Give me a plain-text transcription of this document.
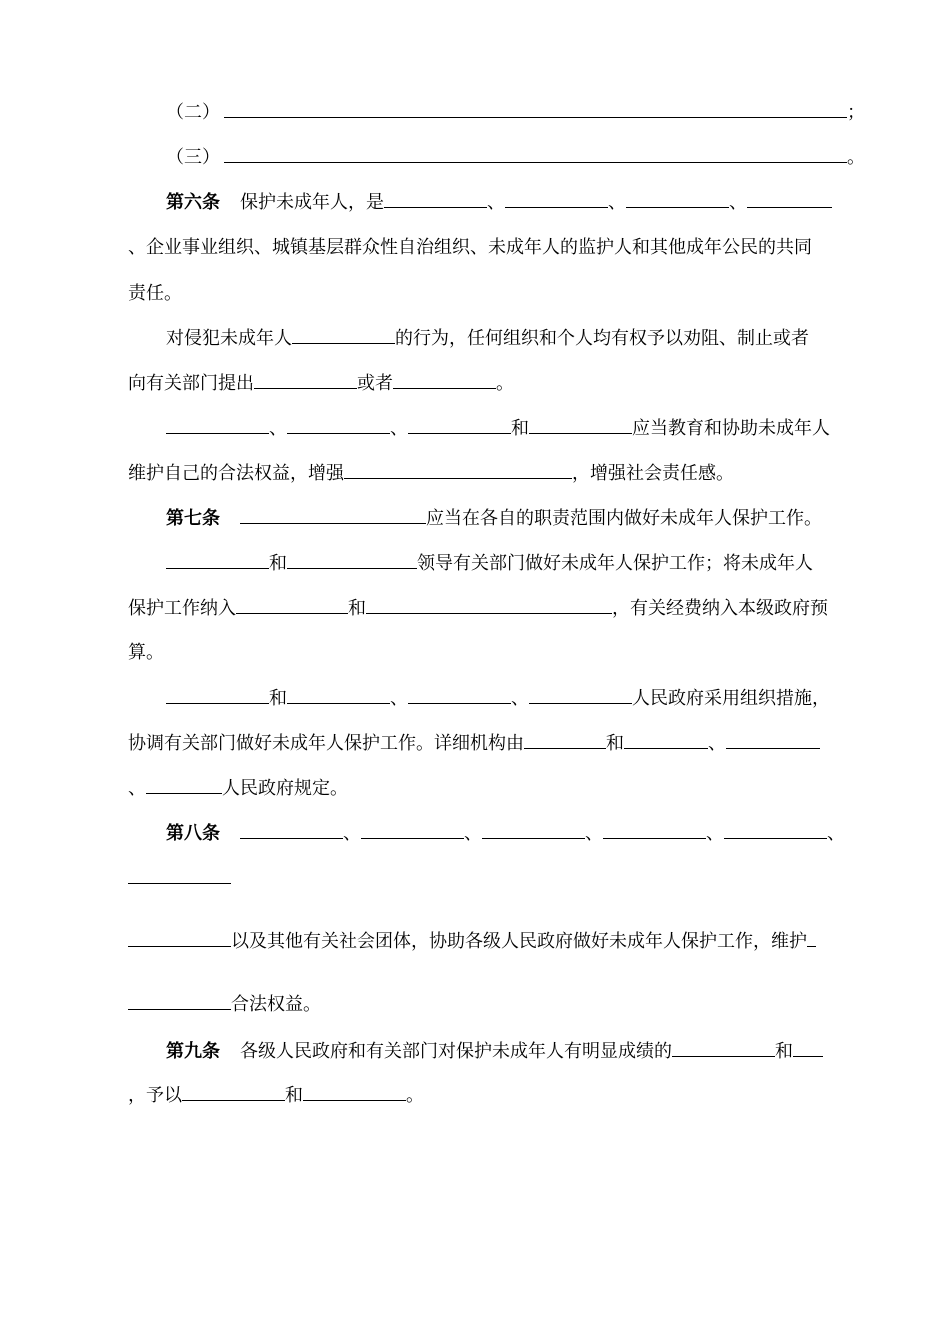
（二）	；
（三）	。
第六条 保护未成年人，是	、	、	、
、企业事业组织、城镇基层群众性自治组织、未成年人的监护人和其他成年公民的共同
责任。
对侵犯未成年人	的行为，任何组织和个人均有权予以劝阻、制止或者
向有关部门提出	或者	。
、	、	和	应当教育和协助未成年人
维护自己的合法权益，增强	，增强社会责任感。
第七条	应当在各自的职责范围内做好未成年人保护工作。
和	领导有关部门做好未成年人保护工作；将未成年人
保护工作纳入	和	，有关经费纳入本级政府预
算。
和	、	、	人民政府采用组织措施，
协调有关部门做好未成年人保护工作。详细机构由	和	、
、	人民政府规定。
第八条	、	、	、	、	、
以及其他有关社会团体，协助各级人民政府做好未成年人保护工作，维护
合法权益。
第九条 各级人民政府和有关部门对保护未成年人有明显成绩的	和
，予以	和	。
